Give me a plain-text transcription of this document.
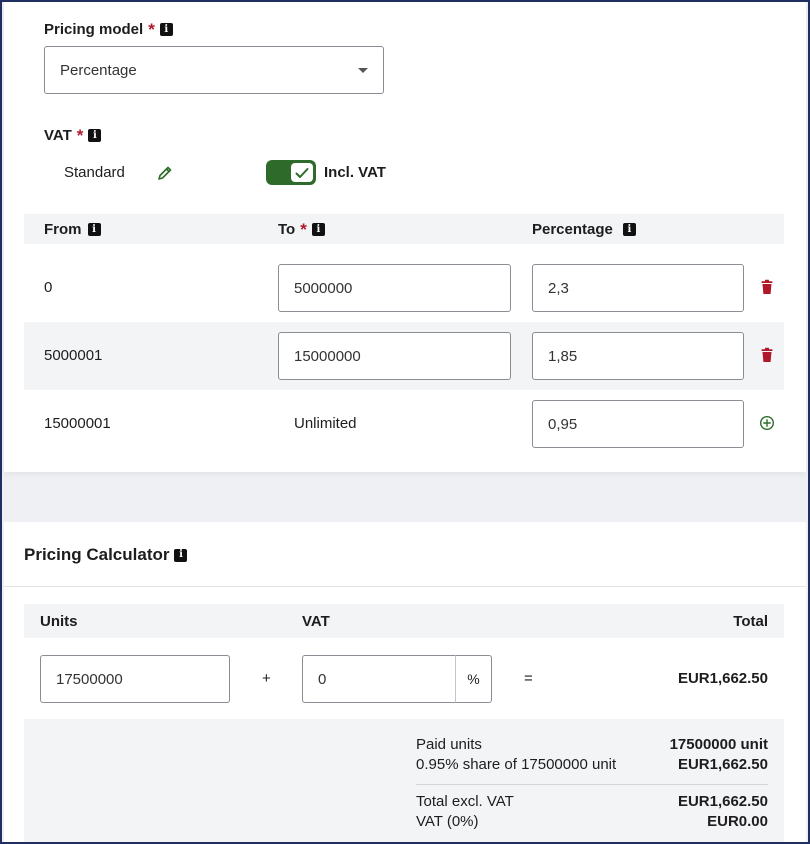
Pricing model * i
Percentage
VAT * i
Standard	Incl. VAT
From	i	To * i	Percentage	i
0	5000000	2,3
5000001	15000000	1,85
15000001	Unlimited	0,95
Pricing Calculator i
Units	VAT	Total
17500000	+	0	%	=	EUR1,662.50
Paid units	17500000 unit
0.95% share of 17500000 unit	EUR1,662.50
Total excl. VAT	EUR1,662.50
VAT (0%)	EUR0.00
